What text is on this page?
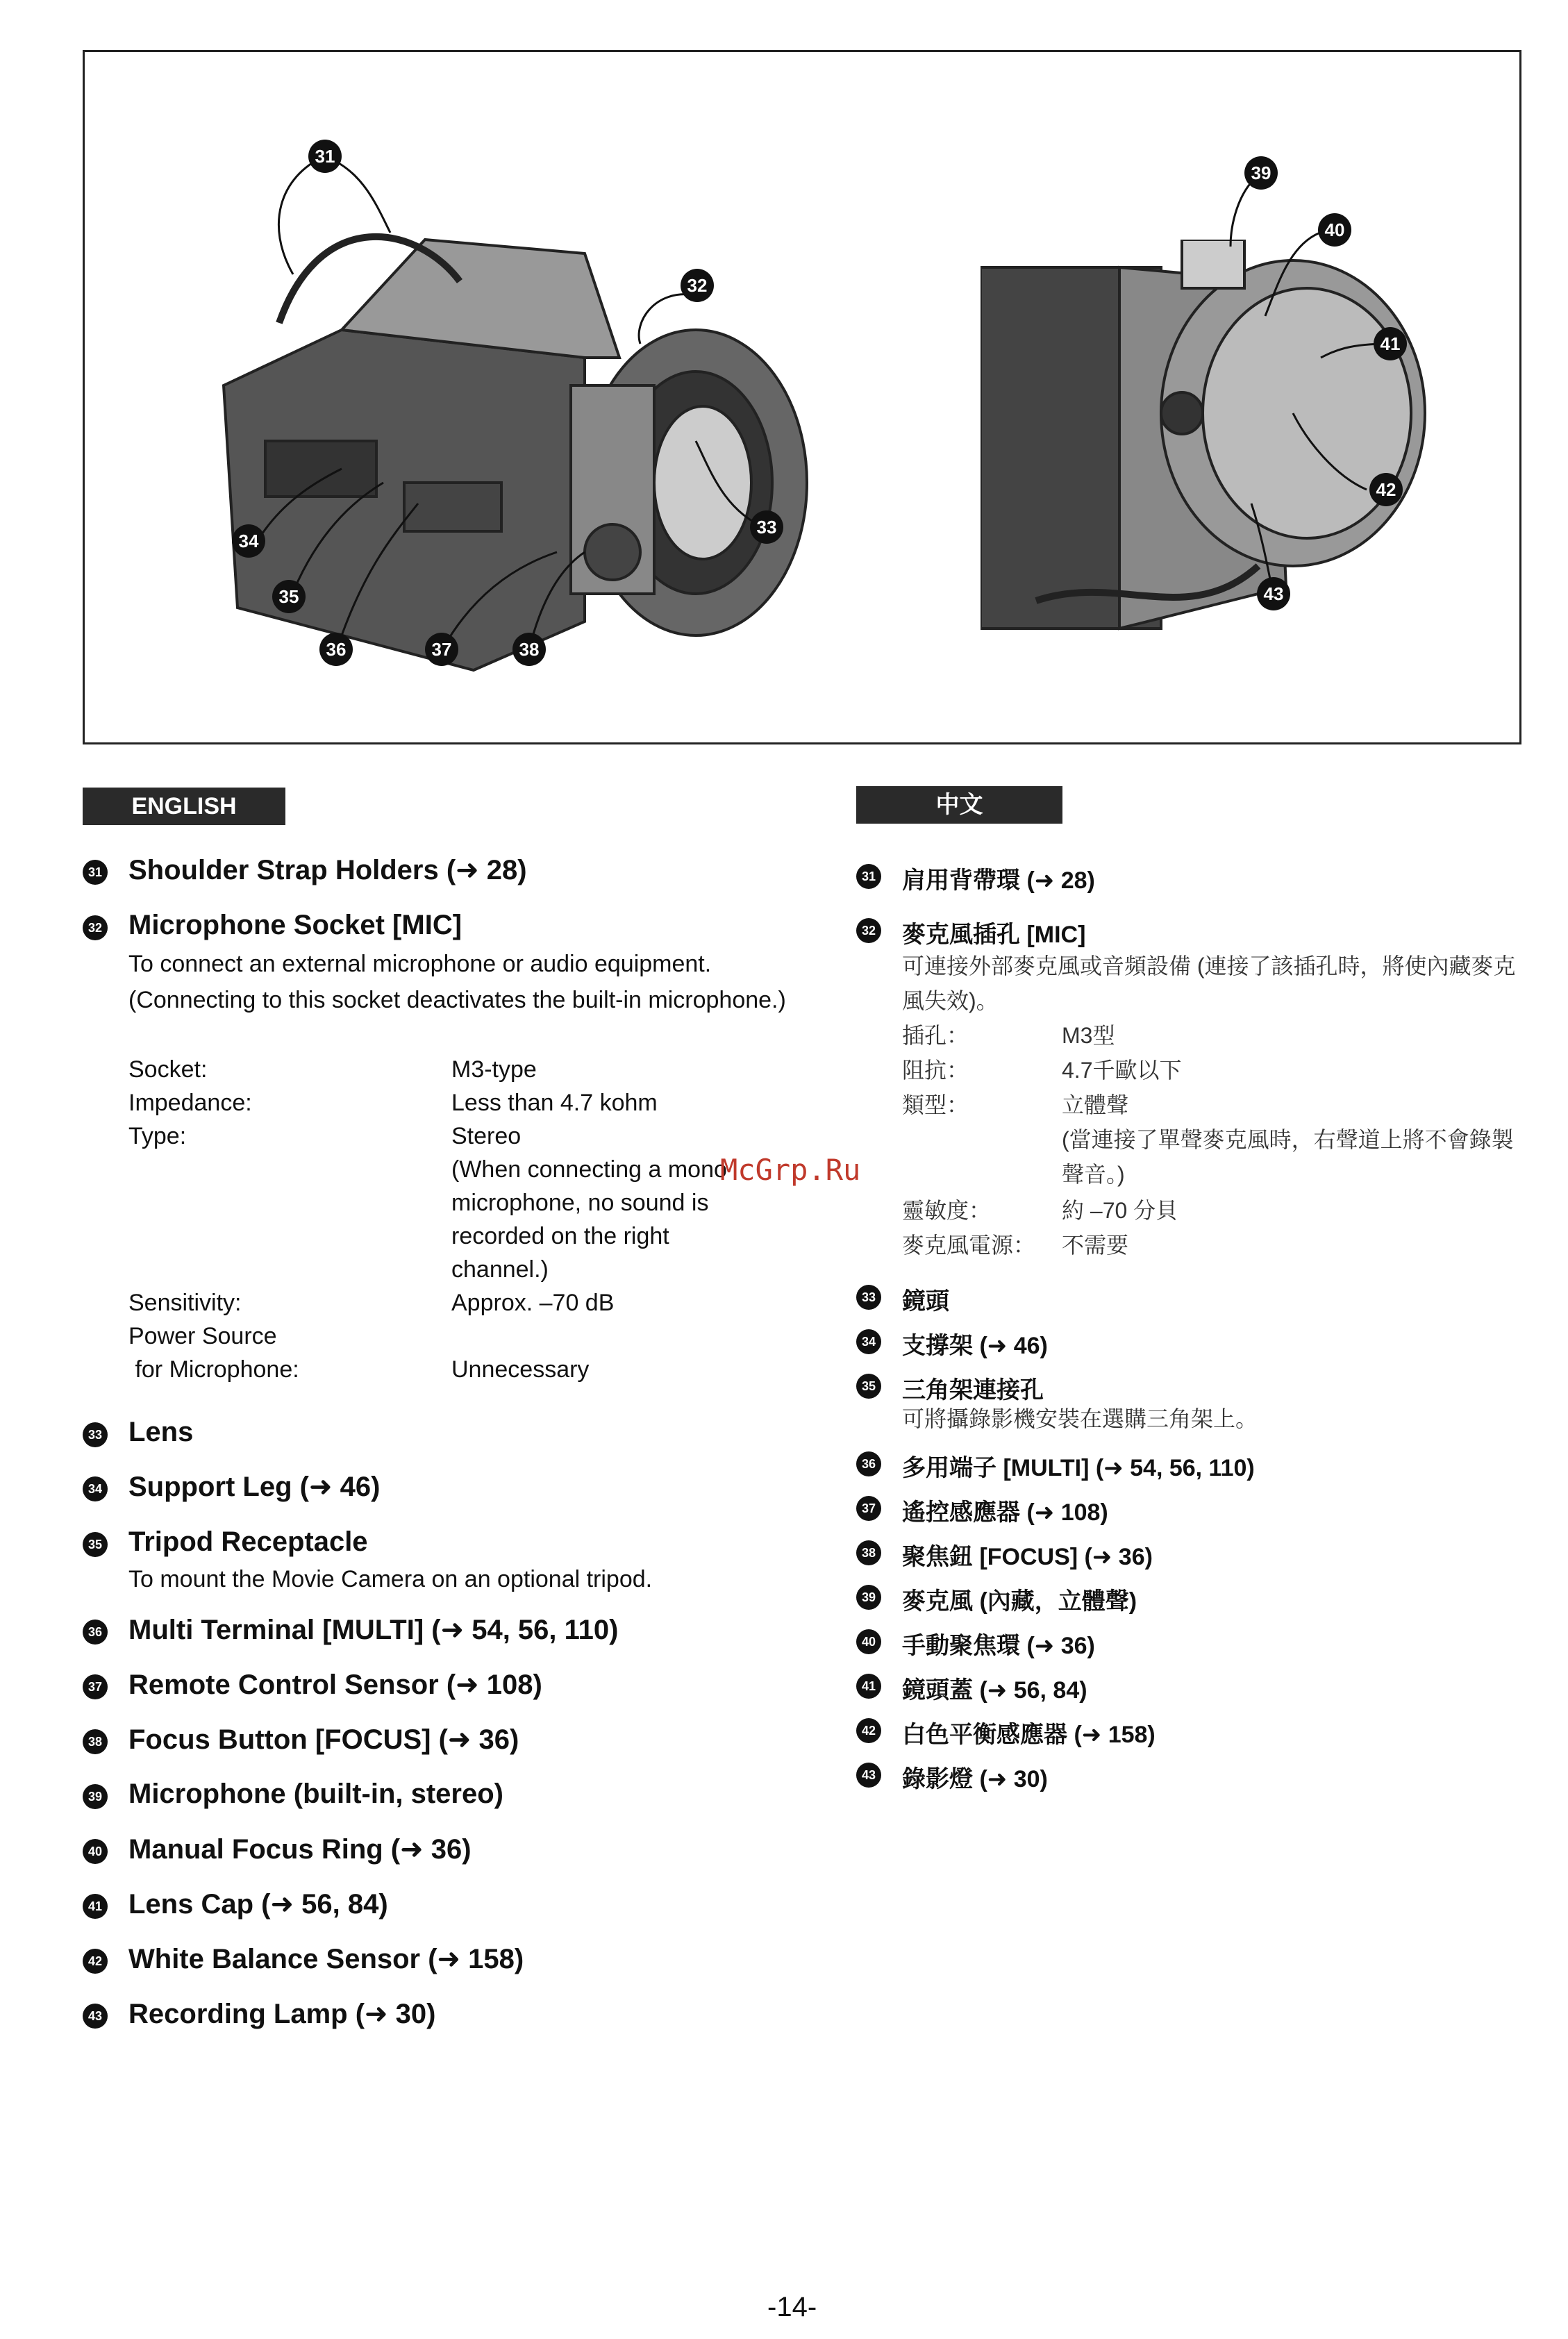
31
32
33
34
35
36	37	38
39
40
41
42
43
ENGLISH
31 Shoulder Strap Holders (➜ 28)
32 Microphone Socket [MIC]
To connect an external microphone or audio equipment. (Connecting to this socket deactivates the built-in microphone.)
Socket:	M3-type
Impedance:	Less than 4.7 kohm
Type:	Stereo
(When connecting a mono microphone, no sound is recorded on the right channel.)
Sensitivity:	Approx. –70 dB
Power Source
for Microphone:	Unnecessary
33 Lens
34 Support Leg (➜ 46)
35 Tripod Receptacle
To mount the Movie Camera on an optional tripod.
36 Multi Terminal [MULTI] (➜ 54, 56, 110)
37 Remote Control Sensor (➜ 108)
38 Focus Button [FOCUS] (➜ 36)
39 Microphone (built-in, stereo)
40 Manual Focus Ring (➜ 36)
41 Lens Cap (➜ 56, 84)
42 White Balance Sensor (➜ 158)
43 Recording Lamp (➜ 30)
中文
31 肩用背帶環 (➜ 28)
32 麥克風插孔 [MIC]
可連接外部麥克風或音頻設備 (連接了該插孔時，將使內藏麥克風失效)。
插孔：	M3型
阻抗：	4.7千歐以下
類型：	立體聲
(當連接了單聲麥克風時，右聲道上將不會錄製聲音。)
靈敏度：	約 –70 分貝
麥克風電源： 不需要
33 鏡頭
34 支撐架 (➜ 46)
35 三角架連接孔
可將攝錄影機安裝在選購三角架上。
36 多用端子 [MULTI] (➜ 54, 56, 110)
37 遙控感應器 (➜ 108)
38 聚焦鈕 [FOCUS] (➜ 36)
39 麥克風 (內藏，立體聲)
40 手動聚焦環 (➜ 36)
41 鏡頭蓋 (➜ 56, 84)
42 白色平衡感應器 (➜ 158)
43 錄影燈 (➜ 30)
McGrp.Ru
-14-
